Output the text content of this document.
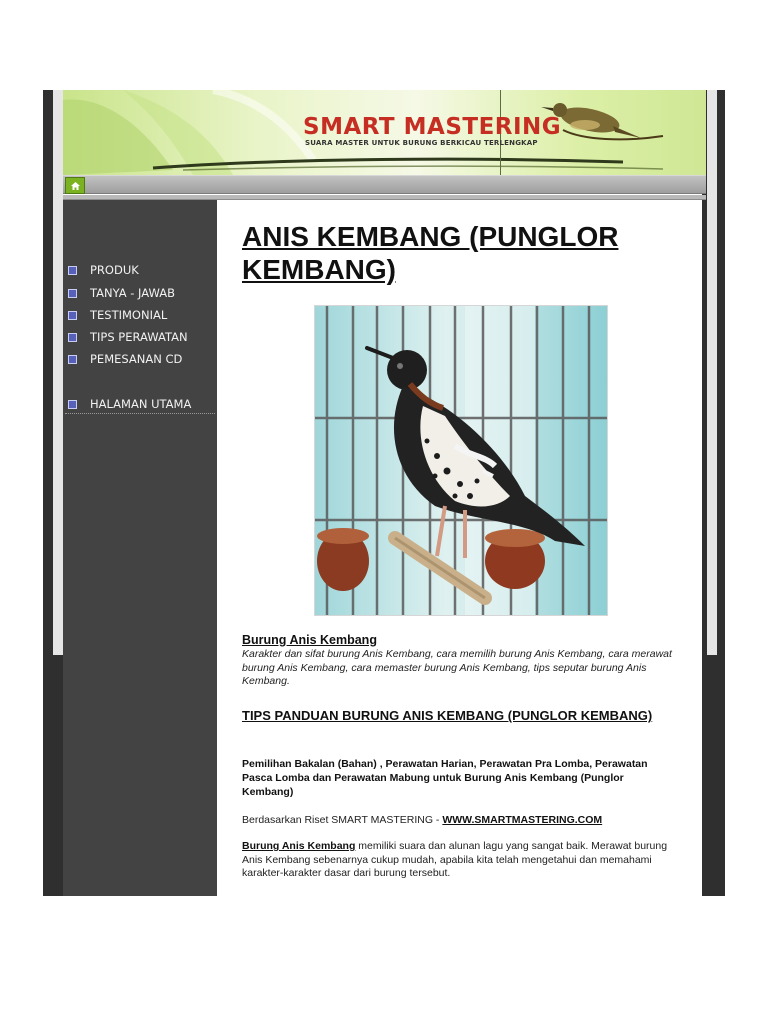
SMART MASTERING
SUARA MASTER UNTUK BURUNG BERKICAU TERLENGKAP
PRODUK
TANYA - JAWAB
TESTIMONIAL
TIPS PERAWATAN
PEMESANAN CD
HALAMAN UTAMA
ANIS KEMBANG (PUNGLOR KEMBANG)
Burung Anis Kembang

Karakter dan sifat burung Anis Kembang, cara memilih burung Anis Kembang, cara merawat burung Anis Kembang, cara memaster burung Anis Kembang, tips seputar burung Anis Kembang.

TIPS PANDUAN BURUNG ANIS KEMBANG (PUNGLOR KEMBANG)

Pemilihan Bakalan (Bahan) , Perawatan Harian, Perawatan Pra Lomba, Perawatan Pasca Lomba dan Perawatan Mabung untuk Burung Anis Kembang (Punglor Kembang)

Berdasarkan Riset SMART MASTERING - WWW.SMARTMASTERING.COM

Burung Anis Kembang memiliki suara dan alunan lagu yang sangat baik. Merawat burung Anis Kembang sebenarnya cukup mudah, apabila kita telah mengetahui dan memahami karakter-karakter dasar dari burung tersebut.
